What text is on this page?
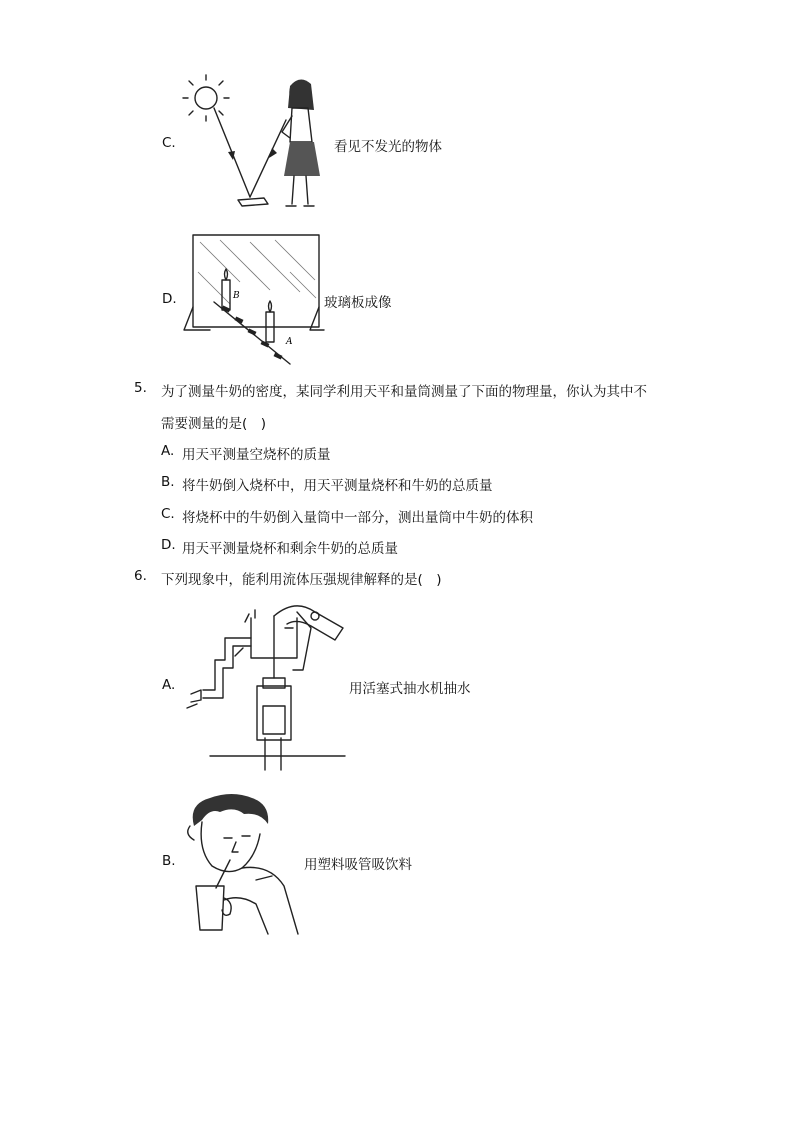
C.	看见不发光的物体
D.	B
A
玻璃板成像
5. 为了测量牛奶的密度，某同学利用天平和量筒测量了下面的物理量，你认为其中不
需要测量的是(　)
A. 用天平测量空烧杯的质量
B. 将牛奶倒入烧杯中，用天平测量烧杯和牛奶的总质量
C. 将烧杯中的牛奶倒入量筒中一部分，测出量筒中牛奶的体积
D. 用天平测量烧杯和剩余牛奶的总质量
6. 下列现象中，能利用流体压强规律解释的是(　)
A.	用活塞式抽水机抽水
B.	用塑料吸管吸饮料
